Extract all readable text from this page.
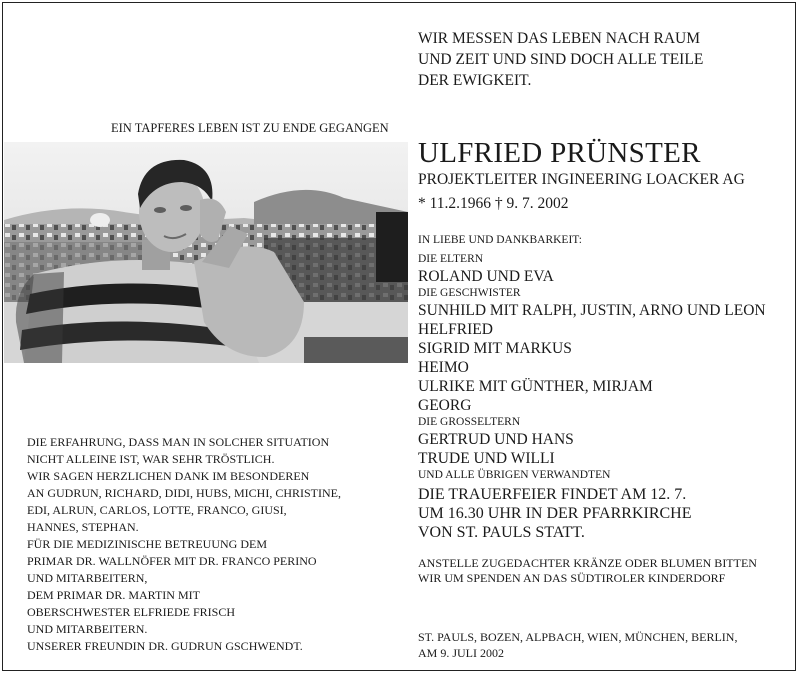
WIR MESSEN DAS LEBEN NACH RAUM
UND ZEIT UND SIND DOCH ALLE TEILE
DER EWIGKEIT.
EIN TAPFERES LEBEN IST ZU ENDE GEGANGEN
ULFRIED PRÜNSTER
PROJEKTLEITER INGINEERING LOACKER AG
* 11.2.1966 † 9. 7. 2002
IN LIEBE UND DANKBARKEIT:
DIE ELTERN
ROLAND UND EVA
DIE GESCHWISTER
SUNHILD MIT RALPH, JUSTIN, ARNO UND LEON
HELFRIED
SIGRID MIT MARKUS
HEIMO
ULRIKE MIT GÜNTHER, MIRJAM
GEORG
DIE GROSSELTERN
GERTRUD UND HANS
TRUDE UND WILLI
UND ALLE ÜBRIGEN VERWANDTEN
DIE TRAUERFEIER FINDET AM 12. 7.
UM 16.30 UHR IN DER PFARRKIRCHE
VON ST. PAULS STATT.
ANSTELLE ZUGEDACHTER KRÄNZE ODER BLUMEN BITTEN
WIR UM SPENDEN AN DAS SÜDTIROLER KINDERDORF
ST. PAULS, BOZEN, ALPBACH, WIEN, MÜNCHEN, BERLIN,
AM 9. JULI 2002
DIE ERFAHRUNG, DASS MAN IN SOLCHER SITUATION
NICHT ALLEINE IST, WAR SEHR TRÖSTLICH.
WIR SAGEN HERZLICHEN DANK IM BESONDEREN
AN GUDRUN, RICHARD, DIDI, HUBS, MICHI, CHRISTINE,
EDI, ALRUN, CARLOS, LOTTE, FRANCO, GIUSI,
HANNES, STEPHAN.
FÜR DIE MEDIZINISCHE BETREUUNG DEM
PRIMAR DR. WALLNÖFER MIT DR. FRANCO PERINO
UND MITARBEITERN,
DEM PRIMAR DR. MARTIN MIT
OBERSCHWESTER ELFRIEDE FRISCH
UND MITARBEITERN.
UNSERER FREUNDIN DR. GUDRUN GSCHWENDT.
